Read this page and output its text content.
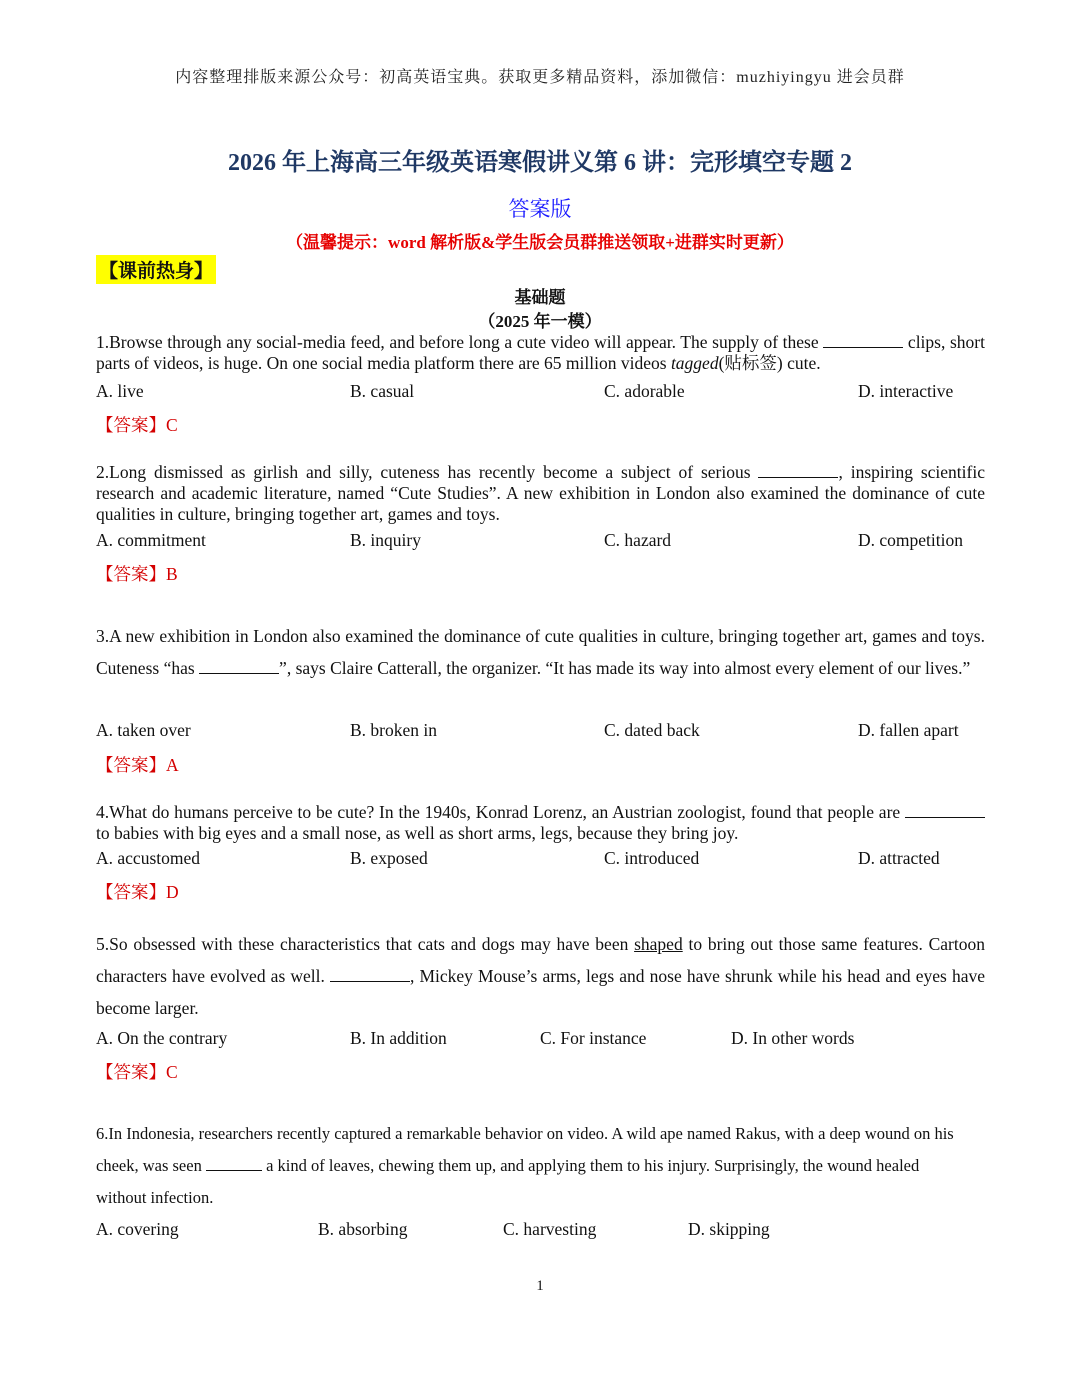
内容整理排版来源公众号：初高英语宝典。获取更多精品资料，添加微信：muzhiyingyu 进会员群
2026 年上海高三年级英语寒假讲义第 6 讲：完形填空专题 2
答案版
（温馨提示：word 解析版&学生版会员群推送领取+进群实时更新）
【课前热身】
基础题
（2025 年一模）

1.Browse through any social-media feed, and before long a cute video will appear. The supply of these	clips, short parts of videos, is huge. On one social media platform there are 65 million videos tagged(贴标签) cute.

A. live	B. casual	C. adorable	D. interactive
【答案】C

2.Long dismissed as girlish and silly, cuteness has recently become a subject of serious	, inspiring scientific research and academic literature, named “Cute Studies”. A new exhibition in London also examined the dominance of cute qualities in culture, bringing together art, games and toys.

A. commitment	B. inquiry	C. hazard	D. competition
【答案】B

3.A new exhibition in London also examined the dominance of cute qualities in culture, bringing together art, games and toys. Cuteness “has	”, says Claire Catterall, the organizer. “It has made its way into almost every element of our lives.”

A. taken over	B. broken in	C. dated back	D. fallen apart
【答案】A

4.What do humans perceive to be cute? In the 1940s, Konrad Lorenz, an Austrian zoologist, found that people are  to babies with big eyes and a small nose, as well as short arms, legs, because they bring joy.

A. accustomed	B. exposed	C. introduced	D. attracted
【答案】D

5.So obsessed with these characteristics that cats and dogs may have been shaped to bring out those same features. Cartoon characters have evolved as well.	, Mickey Mouse’s arms, legs and nose have shrunk while his head and eyes have become larger.

A. On the contrary	B. In addition	C. For instance	D. In other words
【答案】C

6.In Indonesia, researchers recently captured a remarkable behavior on video. A wild ape named Rakus, with a deep wound on his cheek, was seen	a kind of leaves, chewing them up, and applying them to his injury. Surprisingly, the wound healed without infection.

A. covering	B. absorbing	C. harvesting	D. skipping
1
